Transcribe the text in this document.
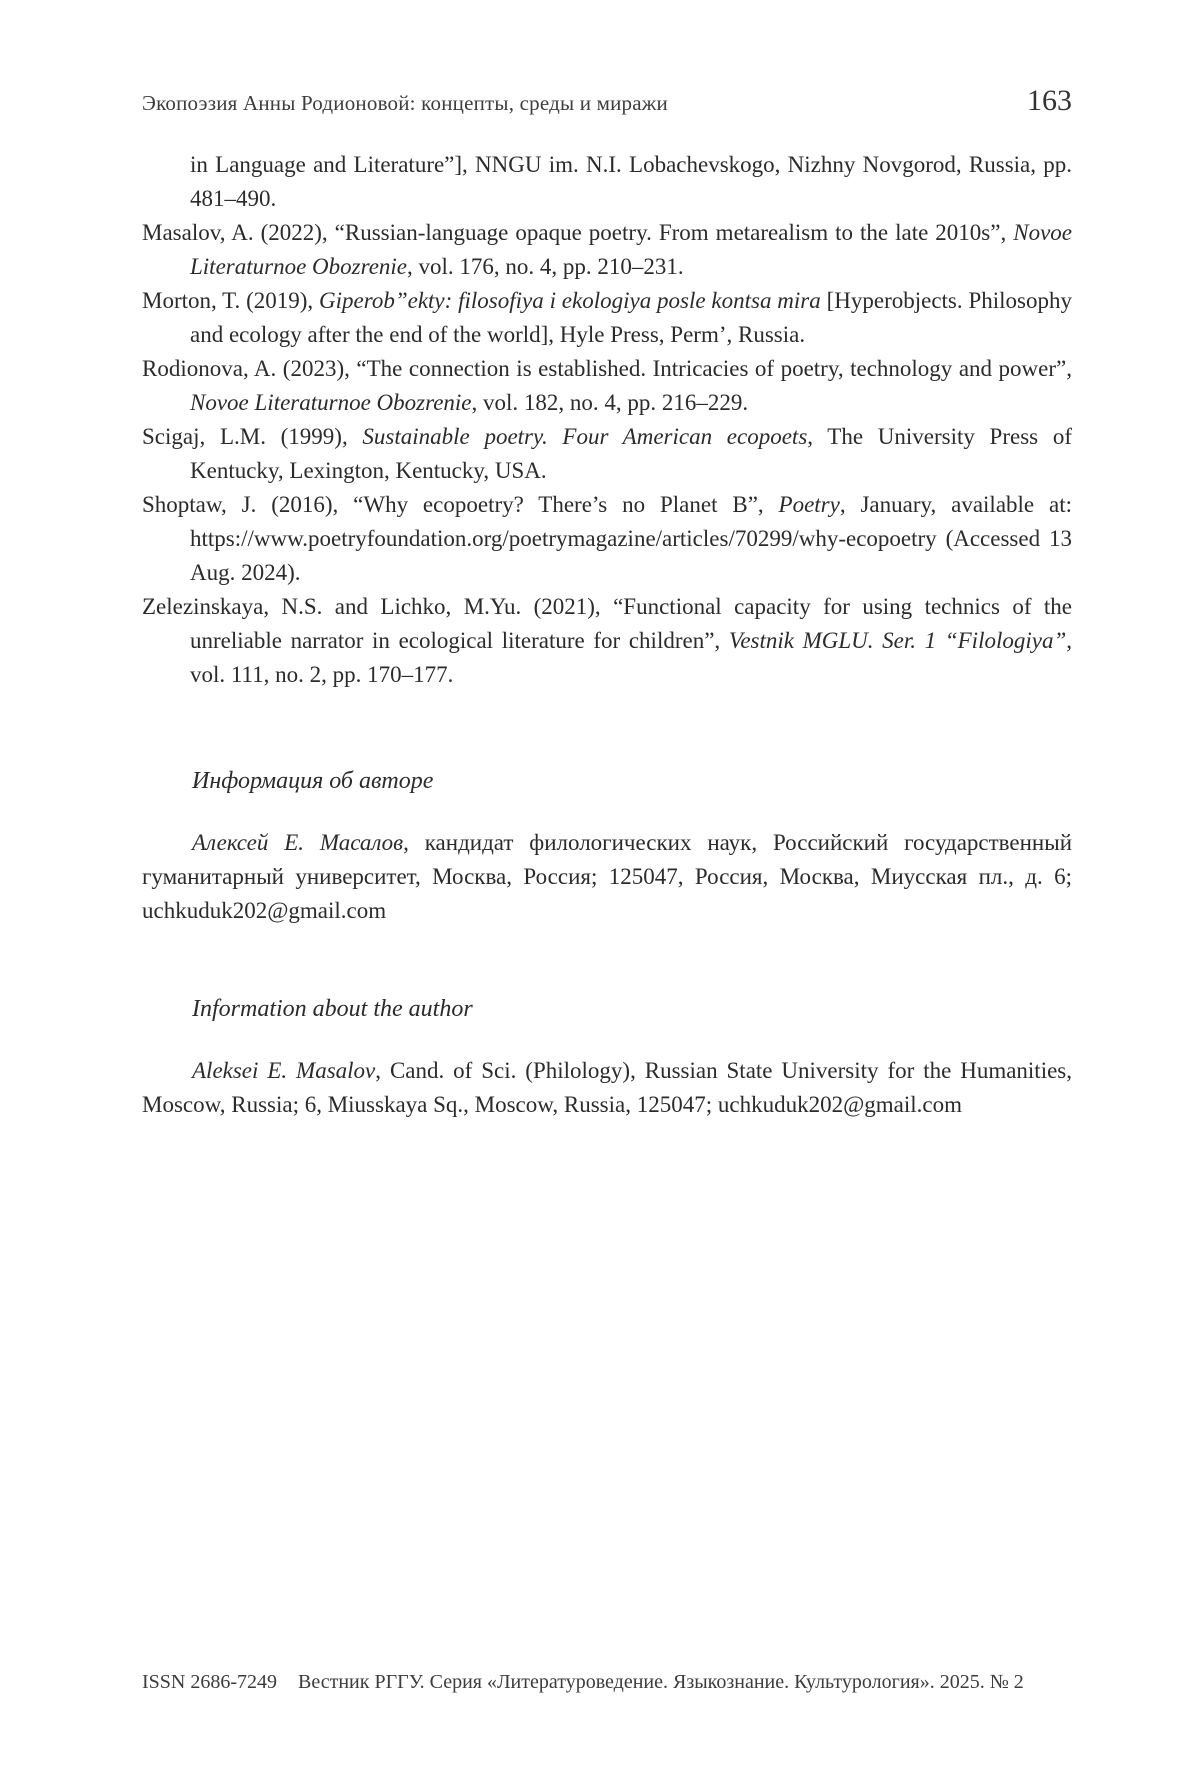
Экопоэзия Анны Родионовой: концепты, среды и миражи	163
in Language and Literature”], NNGU im. N.I. Lobachevskogo, Nizhny Novgorod, Russia, pp. 481–490.
Masalov, A. (2022), “Russian-language opaque poetry. From metarealism to the late 2010s”, Novoe Literaturnoe Obozrenie, vol. 176, no. 4, pp. 210–231.
Morton, T. (2019), Giperob”ekty: filosofiya i ekologiya posle kontsa mira [Hyperobjects. Philosophy and ecology after the end of the world], Hyle Press, Perm’, Russia.
Rodionova, A. (2023), “The connection is established. Intricacies of poetry, technology and power”, Novoe Literaturnoe Obozrenie, vol. 182, no. 4, pp. 216–229.
Scigaj, L.M. (1999), Sustainable poetry. Four American ecopoets, The University Press of Kentucky, Lexington, Kentucky, USA.
Shoptaw, J. (2016), “Why ecopoetry? There’s no Planet B”, Poetry, January, available at: https://www.poetryfoundation.org/poetrymagazine/articles/70299/why-ecopoetry (Accessed 13 Aug. 2024).
Zelezinskaya, N.S. and Lichko, M.Yu. (2021), “Functional capacity for using technics of the unreliable narrator in ecological literature for children”, Vestnik MGLU. Ser. 1 “Filologiya”, vol. 111, no. 2, pp. 170–177.
Информация об авторе
Алексей Е. Масалов, кандидат филологических наук, Российский государственный гуманитарный университет, Москва, Россия; 125047, Россия, Москва, Миусская пл., д. 6; uchkuduk202@gmail.com
Information about the author
Aleksei E. Masalov, Cand. of Sci. (Philology), Russian State University for the Humanities, Moscow, Russia; 6, Miusskaya Sq., Moscow, Russia, 125047; uchkuduk202@gmail.com
ISSN 2686-7249 Вестник РГГУ. Серия «Литературоведение. Языкознание. Культурология». 2025. № 2
